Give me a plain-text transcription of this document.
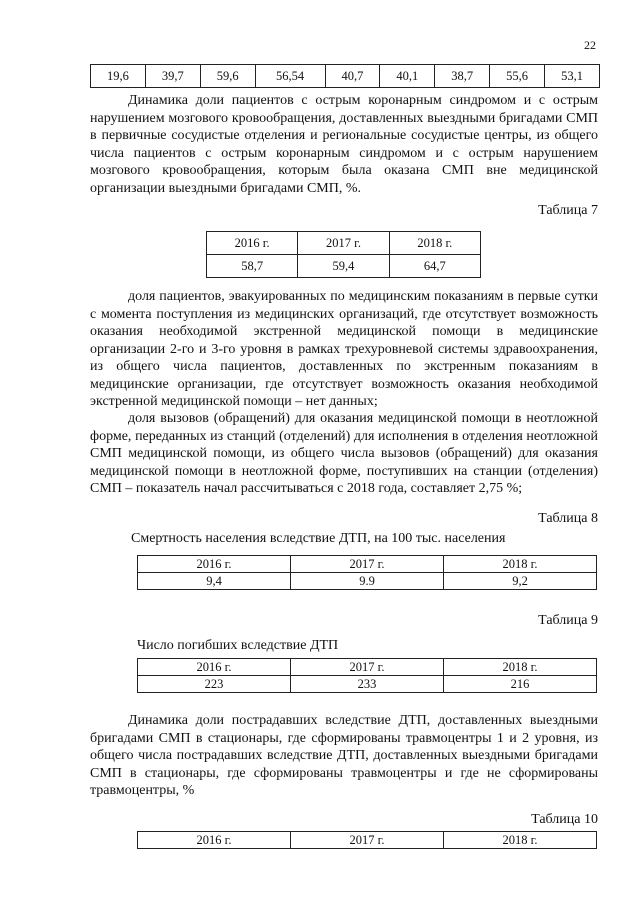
22
19,6	39,7	59,6	56,54	40,7	40,1	38,7	55,6	53,1
Динамика доли пациентов с острым коронарным синдромом и с острым нарушением мозгового кровообращения, доставленных выездными бригадами СМП в первичные сосудистые отделения и региональные сосудистые центры, из общего числа пациентов с острым коронарным синдромом и с острым нарушением мозгового кровообращения, которым была оказана СМП вне медицинской организации выездными бригадами СМП, %.
Таблица 7
2016 г.	2017 г.	2018 г.
58,7	59,4	64,7
доля пациентов, эвакуированных по медицинским показаниям в первые сутки с момента поступления из медицинских организаций, где отсутствует возможность оказания необходимой экстренной медицинской помощи в медицинские организации 2-го и 3-го уровня в рамках трехуровневой системы здравоохранения, из общего числа пациентов, доставленных по экстренным показаниям в медицинские организации, где отсутствует возможность оказания необходимой экстренной медицинской помощи – нет данных;
доля вызовов (обращений) для оказания медицинской помощи в неотложной форме, переданных из станций (отделений) для исполнения в отделения неотложной СМП медицинской помощи, из общего числа вызовов (обращений) для оказания медицинской помощи в неотложной форме, поступивших на станции (отделения) СМП – показатель начал рассчитываться с 2018 года, составляет 2,75 %;
Таблица 8
Смертность населения вследствие ДТП, на 100 тыс. населения
2016 г.	2017 г.	2018 г.
9,4	9.9	9,2
Таблица 9
Число погибших вследствие ДТП
2016 г.	2017 г.	2018 г.
223	233	216
Динамика доли пострадавших вследствие ДТП, доставленных выездными бригадами СМП в стационары, где сформированы травмоцентры 1 и 2 уровня, из общего числа пострадавших вследствие ДТП, доставленных выездными бригадами СМП в стационары, где сформированы травмоцентры и где не сформированы травмоцентры, %
Таблица 10
2016 г.	2017 г.	2018 г.
